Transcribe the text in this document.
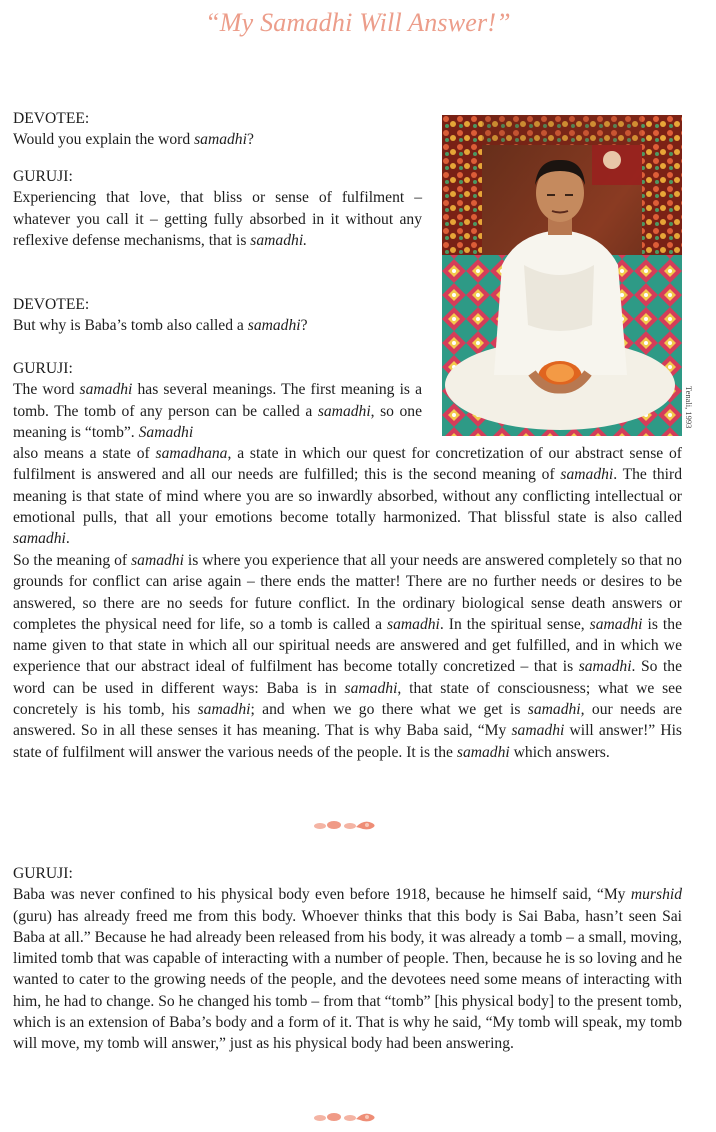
“My Samadhi Will Answer!”
Tenali, 1993
DEVOTEE:
Would you explain the word samadhi?
GURUJI:
Experiencing that love, that bliss or sense of fulfilment – whatever you call it – getting fully absorbed in it without any reflexive defense mechanisms, that is samadhi.
DEVOTEE:
But why is Baba’s tomb also called a samadhi?
GURUJI:
The word samadhi has several meanings. The first meaning is a tomb. The tomb of any person can be called a samadhi, so one meaning is “tomb”. Samadhi
also means a state of samadhana, a state in which our quest for concretization of our abstract sense of fulfilment is answered and all our needs are fulfilled; this is the second meaning of samadhi. The third meaning is that state of mind where you are so inwardly absorbed, without any conflicting intellectual or emotional pulls, that all your emotions become totally harmonized. That blissful state is also called samadhi.
So the meaning of samadhi is where you experience that all your needs are answered completely so that no grounds for conflict can arise again – there ends the matter! There are no further needs or desires to be answered, so there are no seeds for future conflict. In the ordinary biological sense death answers or completes the physical need for life, so a tomb is called a samadhi. In the spiritual sense, samadhi is the name given to that state in which all our spiritual needs are answered and get fulfilled, and in which we experience that our abstract ideal of fulfilment has become totally concretized – that is samadhi. So the word can be used in different ways: Baba is in samadhi, that state of consciousness; what we see concretely is his tomb, his samadhi; and when we go there what we get is samadhi, our needs are answered. So in all these senses it has meaning. That is why Baba said, “My samadhi will answer!” His state of fulfilment will answer the various needs of the people. It is the samadhi which answers.
GURUJI:
Baba was never confined to his physical body even before 1918, because he himself said, “My murshid (guru) has already freed me from this body. Whoever thinks that this body is Sai Baba, hasn’t seen Sai Baba at all.” Because he had already been released from his body, it was already a tomb – a small, moving, limited tomb that was capable of interacting with a number of people. Then, because he is so loving and he wanted to cater to the growing needs of the people, and the devotees need some means of interacting with him, he had to change. So he changed his tomb – from that “tomb” [his physical body] to the present tomb, which is an extension of Baba’s body and a form of it. That is why he said, “My tomb will speak, my tomb will move, my tomb will answer,” just as his physical body had been answering.
